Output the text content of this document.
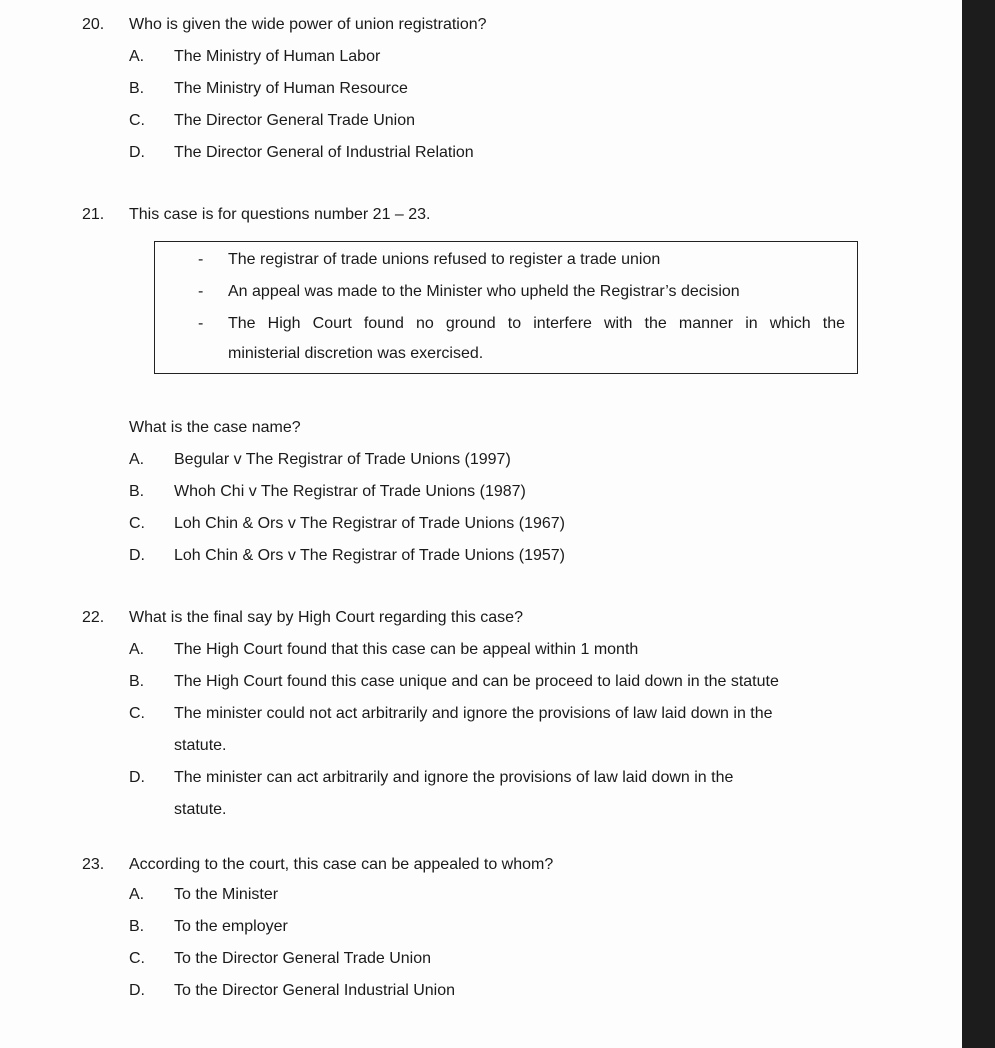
20. Who is given the wide power of union registration?
A. The Ministry of Human Labor
B. The Ministry of Human Resource
C. The Director General Trade Union
D. The Director General of Industrial Relation
21. This case is for questions number 21 – 23.
- The registrar of trade unions refused to register a trade union
- An appeal was made to the Minister who upheld the Registrar’s decision
- The High Court found no ground to interfere with the manner in which the
ministerial discretion was exercised.
What is the case name?
A. Begular v The Registrar of Trade Unions (1997)
B. Whoh Chi v The Registrar of Trade Unions (1987)
C. Loh Chin & Ors v The Registrar of Trade Unions (1967)
D. Loh Chin & Ors v The Registrar of Trade Unions (1957)
22. What is the final say by High Court regarding this case?
A. The High Court found that this case can be appeal within 1 month
B. The High Court found this case unique and can be proceed to laid down in the statute
C. The minister could not act arbitrarily and ignore the provisions of law laid down in the
statute.
D. The minister can act arbitrarily and ignore the provisions of law laid down in the
statute.
23. According to the court, this case can be appealed to whom?
A. To the Minister
B. To the employer
C. To the Director General Trade Union
D. To the Director General Industrial Union
